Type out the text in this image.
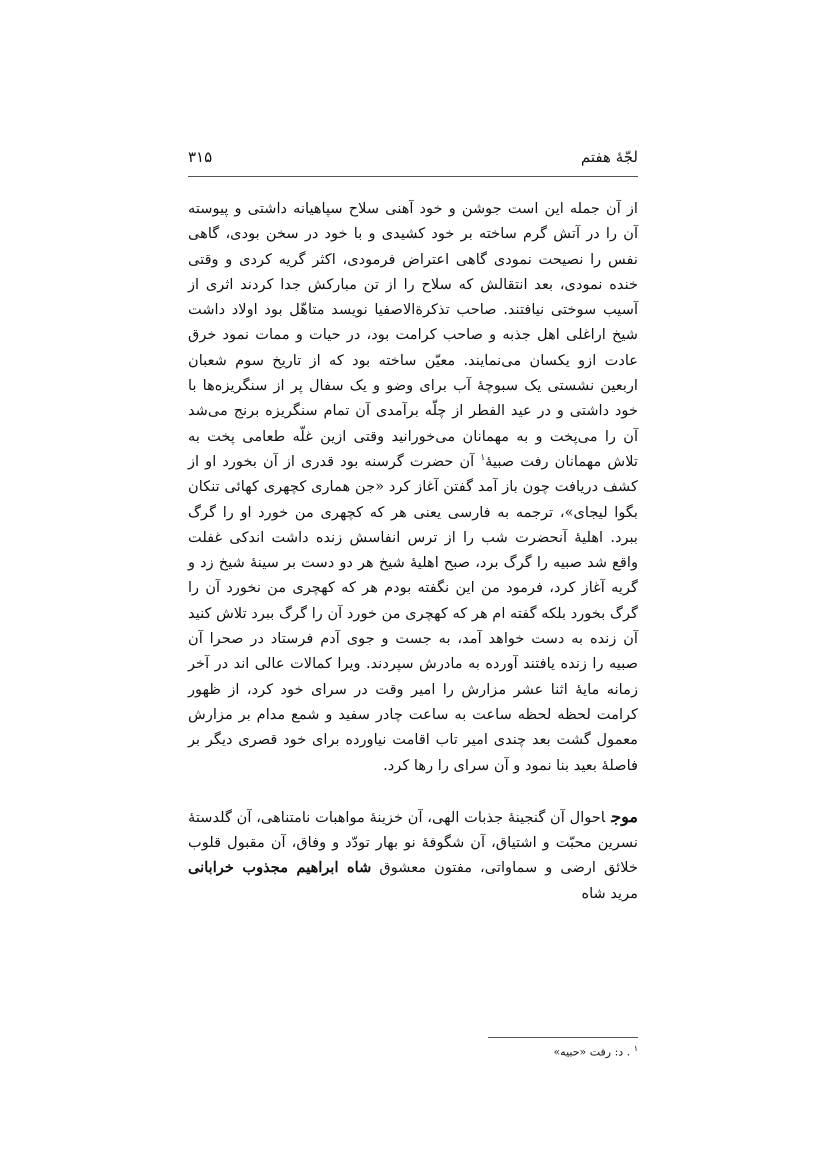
لجّهٔ هفتم
۳۱۵

از آن جمله این است جوشن و خود آهنی سلاح سپاهیانه داشتی و پیوسته آن را در آتش گرم ساخته بر خود کشیدی و با خود در سخن بودی، گاهی نفس را نصیحت نمودی گاهی اعتراض فرمودی، اکثر گریه کردی و وقتی خنده نمودی، بعد انتقالش که سلاح را از تن مبارکش جدا کردند اثری از آسیب سوختی نیافتند. صاحب تذکرةالاصفیا نویسد متاهّل بود اولاد داشت شیخ اراغلی اهل جذبه و صاحب کرامت بود، در حیات و ممات نمود خرق عادت ازو یکسان می‌نمایند. معیّن ساخته بود که از تاریخ سوم شعبان اربعین نشستی یک سبوچهٔ آب برای وضو و یک سفال پر از سنگریزه‌ها با خود داشتی و در عید الفطر از چلّه برآمدی آن تمام سنگریزه برنج می‌شد آن را می‌پخت و به مهمانان می‌خورانید وقتی ازین غلّه طعامی پخت به تلاش مهمانان رفت صبیهٔ$^۱$ آن حضرت گرسنه بود قدری از آن بخورد او از کشف دریافت چون باز آمد گفتن آغاز کرد «جن هماری کچهری کهائی تنکان بگوا لیجای»، ترجمه به فارسی یعنی هر که کچهری من خورد او را گرگ ببرد. اهلیهٔ آنحضرت شب را از ترس انفاسش زنده داشت اندکی غفلت واقع شد صبیه را گرگ برد، صبح اهلیهٔ شیخ هر دو دست بر سینهٔ شیخ زد و گریه آغاز کرد، فرمود من این نگفته بودم هر که کهچری من نخورد آن را گرگ بخورد بلکه گفته ام هر که کهچری من خورد آن را گرگ ببرد تلاش کنید آن زنده به دست خواهد آمد، به جست و جوی آدم فرستاد در صحرا آن صبیه را زنده یافتند آورده به مادرش سپردند. ویرا کمالات عالی اند در آخر زمانه مایهٔ اثنا عشر مزارش را امیر وقت در سرای خود کرد، از ظهور کرامت لحظه لحظه ساعت به ساعت چادر سفید و شمع مدام بر مزارش معمول گشت بعد چندی امیر تاب اقامت نیاورده برای خود قصری دیگر بر فاصلهٔ بعید بنا نمود و آن سرای را رها کرد.

موجاحوال آن گنجینهٔ جذبات الهی، آن خزینهٔ مواهبات نامتناهی، آن گلدستهٔ نسرین محبّت و اشتیاق، آن شگوفهٔ نو بهار تودّد و وفاق، آن مقبول قلوب خلائق ارضی و سماواتی، مفتون معشوق شاه ابراهیم مجذوب خرابانی مرید شاه

$^۱$ . د: رفت «حبیه»
